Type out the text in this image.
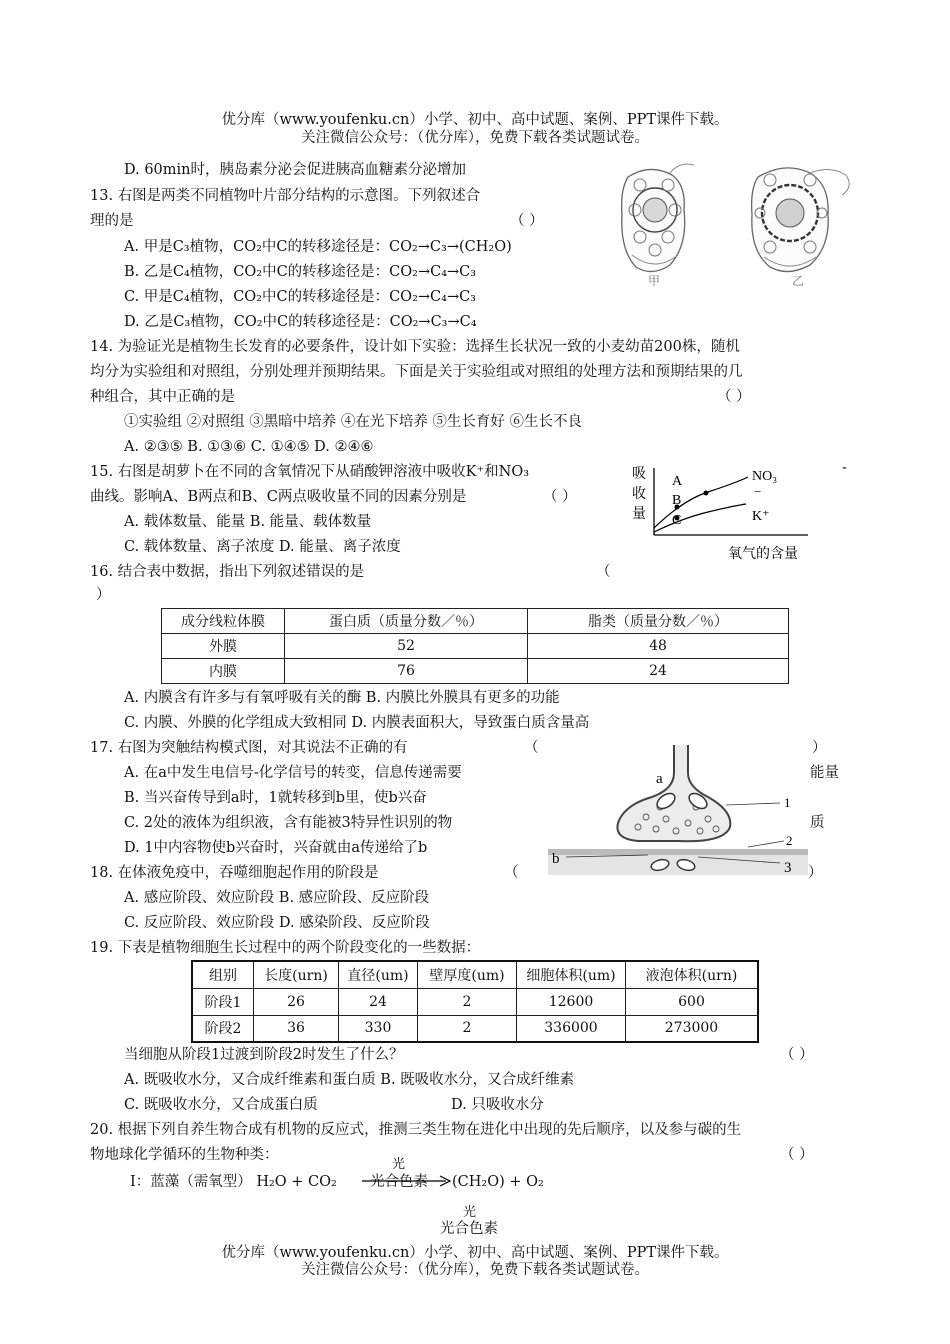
优分库（www.youfenku.cn）小学、初中、高中试题、案例、PPT课件下载。
关注微信公众号：（优分库），免费下载各类试题试卷。
D. 60min时，胰岛素分泌会促进胰高血糖素分泌增加
13. 右图是两类不同植物叶片部分结构的示意图。下列叙述合
理的是	（ ）
A. 甲是C₃植物，CO₂中C的转移途径是：CO₂→C₃→(CH₂O)
B. 乙是C₄植物，CO₂中C的转移途径是：CO₂→C₄→C₃
C. 甲是C₄植物，CO₂中C的转移途径是：CO₂→C₄→C₃
D. 乙是C₃植物，CO₂中C的转移途径是：CO₂→C₃→C₄
甲	乙
14. 为验证光是植物生长发育的必要条件，设计如下实验：选择生长状况一致的小麦幼苗200株，随机
均分为实验组和对照组，分别处理并预期结果。下面是关于实验组或对照组的处理方法和预期结果的几
种组合，其中正确的是	（ ）
①实验组 ②对照组 ③黑暗中培养 ④在光下培养 ⑤生长育好 ⑥生长不良
A. ②③⑤ B. ①③⑥ C. ①④⑤ D. ②④⑥
15. 右图是胡萝卜在不同的含氧情况下从硝酸钾溶液中吸收K⁺和NO₃	-
曲线。影响A、B两点和B、C两点吸收量不同的因素分别是	（ ）
A. 载体数量、能量 B. 能量、载体数量
C. 载体数量、离子浓度 D. 能量、离子浓度
吸
收
量
A
B
C
NO₃
−
K⁺
氧气的含量
16. 结合表中数据，指出下列叙述错误的是	（
）
成分线粒体膜	蛋白质（质量分数／％）	脂类（质量分数／％）
外膜	52	48
内膜	76	24
A. 内膜含有许多与有氧呼吸有关的酶 B. 内膜比外膜具有更多的功能
C. 内膜、外膜的化学组成大致相同 D. 内膜表面积大，导致蛋白质含量高
17. 右图为突触结构模式图，对其说法不正确的有	（	）
A. 在a中发生电信号-化学信号的转变，信息传递需要	能量
B. 当兴奋传导到a时，1就转移到b里，使b兴奋
C. 2处的液体为组织液，含有能被3特异性识别的物	质
D. 1中内容物使b兴奋时，兴奋就由a传递给了b
a
b
1
2
3
18. 在体液免疫中，吞噬细胞起作用的阶段是	（	）
A. 感应阶段、效应阶段 B. 感应阶段、反应阶段
C. 反应阶段、效应阶段 D. 感染阶段、反应阶段
19. 下表是植物细胞生长过程中的两个阶段变化的一些数据：
组别	长度(urn)	直径(um)	壁厚度(um)	细胞体积(um)	液泡体积(urn)
阶段1	26	24	2	12600	600
阶段2	36	330	2	336000	273000
当细胞从阶段1过渡到阶段2时发生了什么？	（ ）
A. 既吸收水分，又合成纤维素和蛋白质 B. 既吸收水分，又合成纤维素
C. 既吸收水分，又合成蛋白质	D. 只吸收水分
20. 根据下列自养生物合成有机物的反应式，推测三类生物在进化中出现的先后顺序，以及参与碳的生
物地球化学循环的生物种类：	（ ）
Ⅰ：蓝藻（需氧型） H₂O + CO₂
光
光合色素 (CH₂O) + O₂
光
光合色素
优分库（www.youfenku.cn）小学、初中、高中试题、案例、PPT课件下载。
关注微信公众号：（优分库），免费下载各类试题试卷。
